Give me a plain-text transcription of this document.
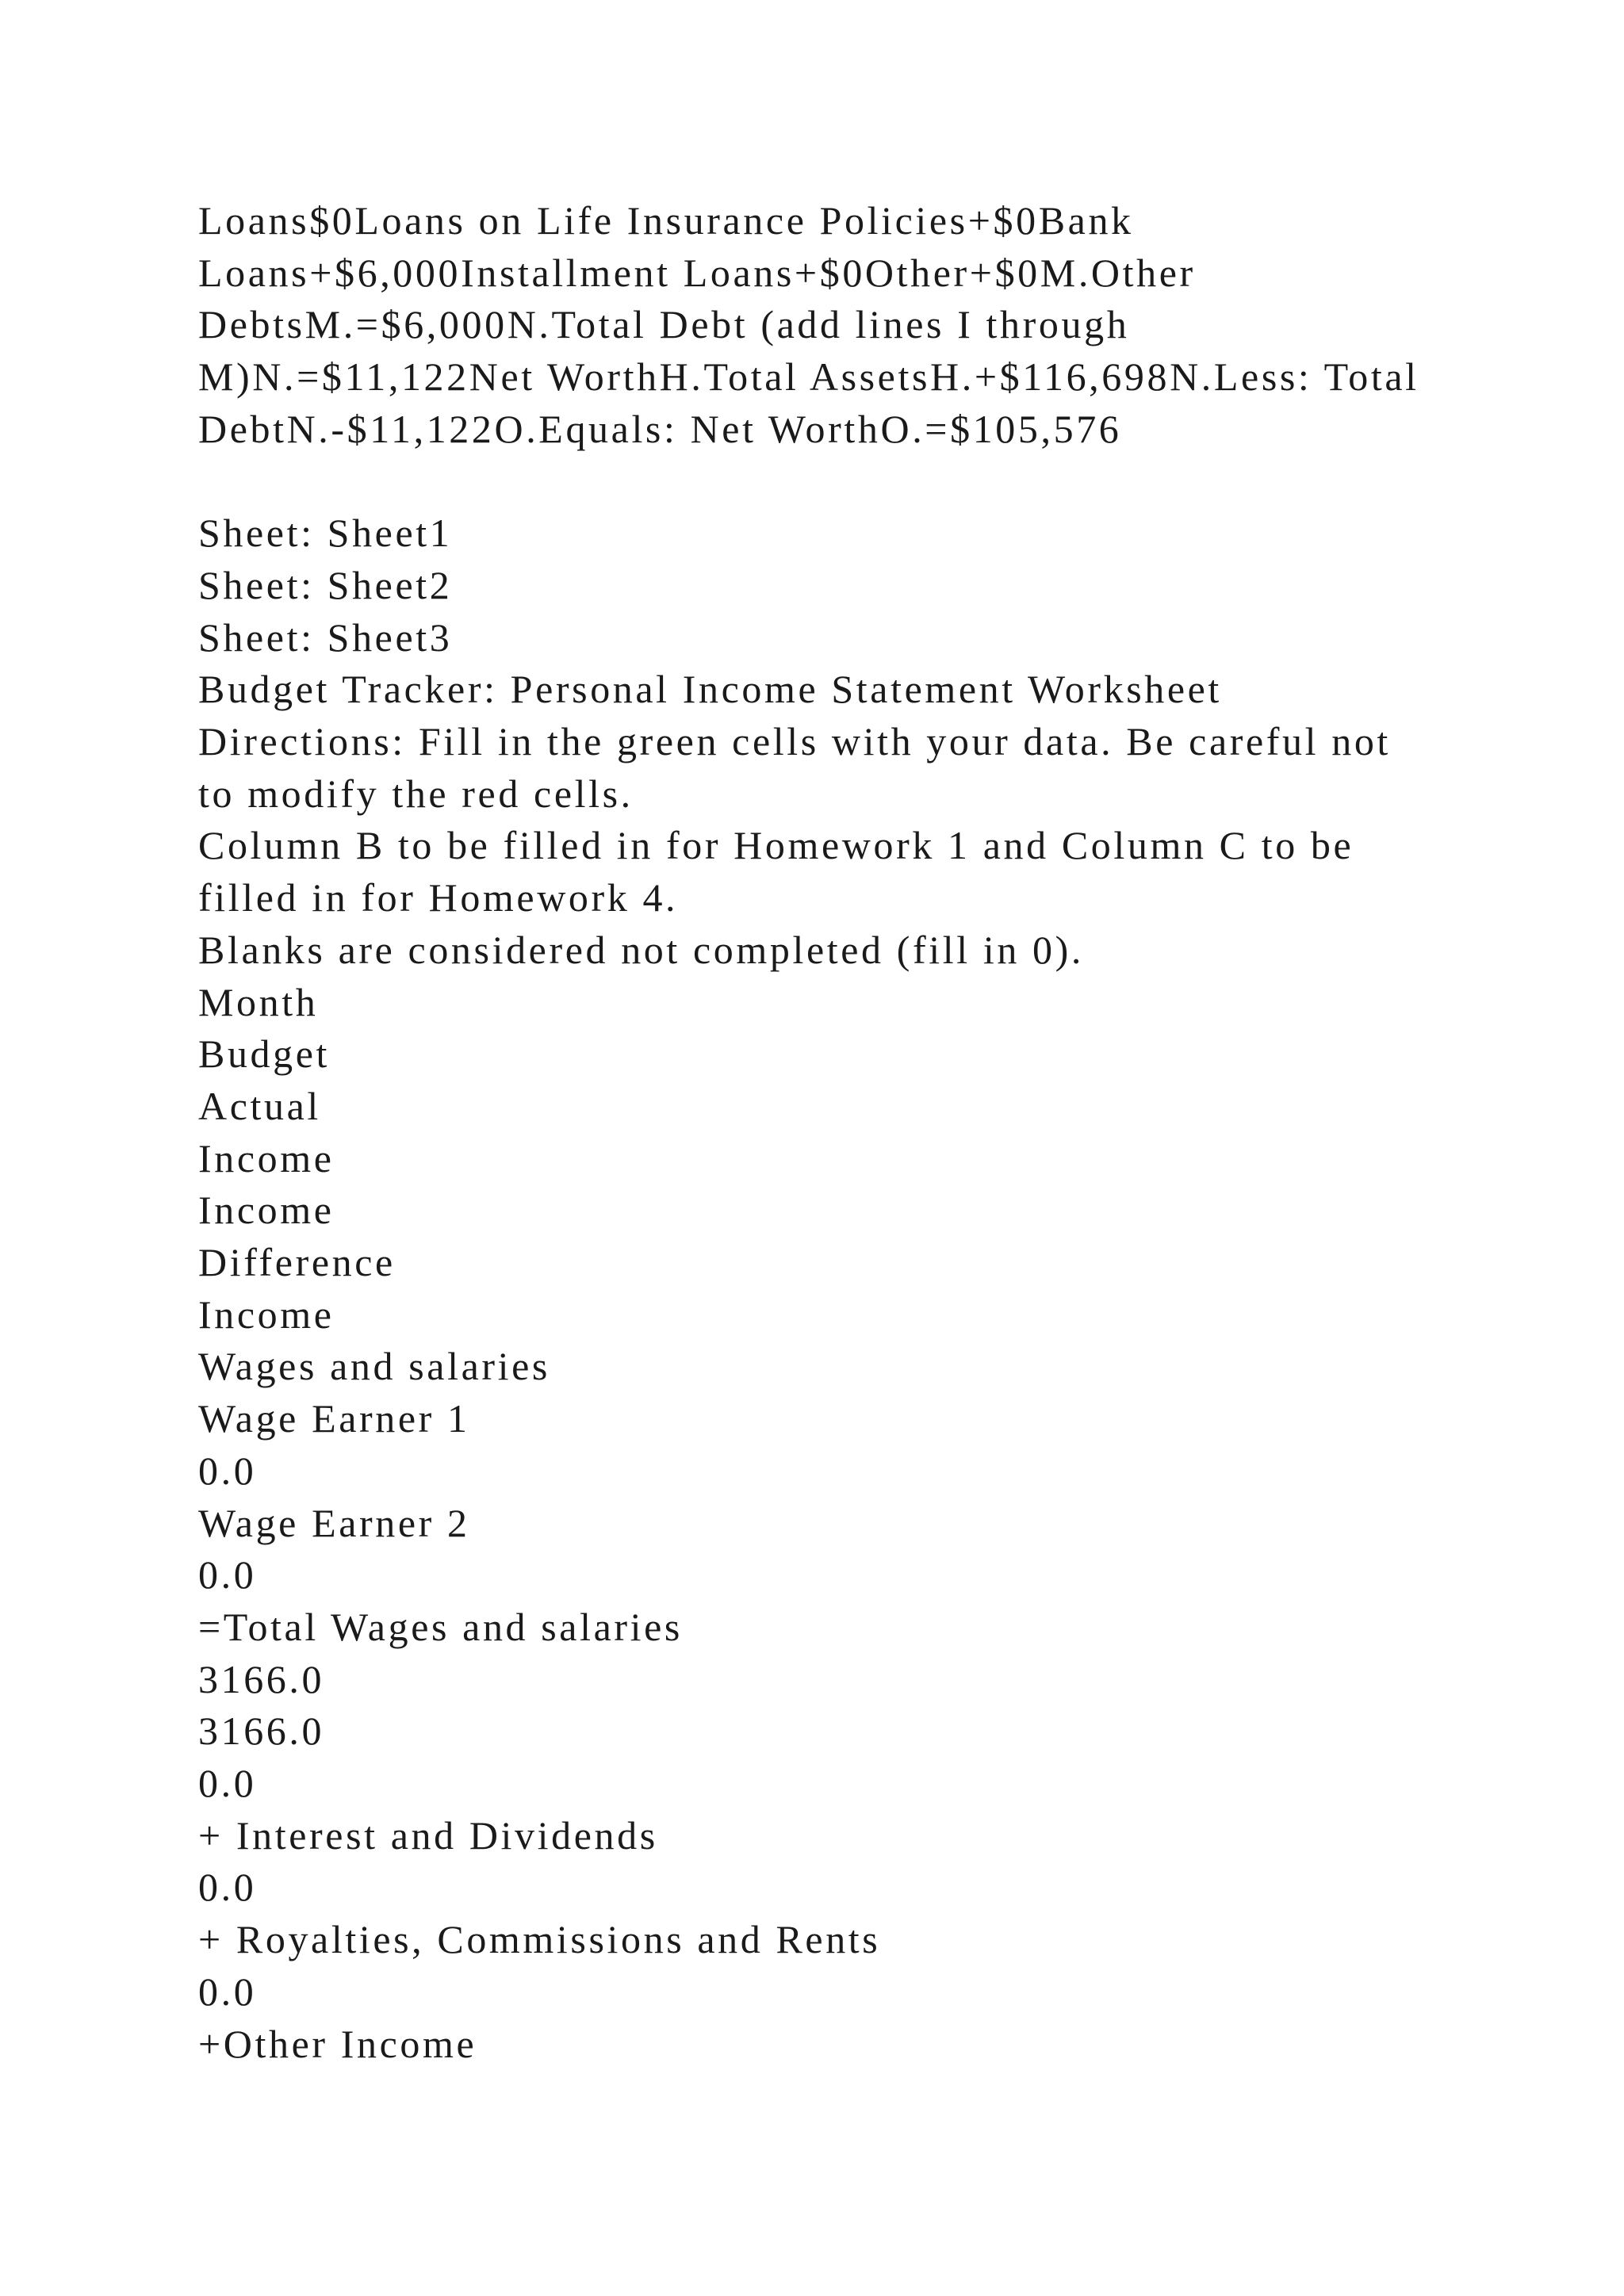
Loans$0Loans on Life Insurance Policies+$0Bank Loans+$6,000Installment Loans+$0Other+$0M.Other DebtsM.=$6,000N.Total Debt (add lines I through M)N.=$11,122Net WorthH.Total AssetsH.+$116,698N.Less: Total DebtN.-$11,122O.Equals: Net WorthO.=$105,576

Sheet: Sheet1

Sheet: Sheet2

Sheet: Sheet3

Budget Tracker: Personal Income Statement Worksheet

Directions: Fill in the green cells with your data. Be careful not to modify the red cells.

Column B to be filled in for Homework 1 and Column C to be filled in for Homework 4.

Blanks are considered not completed (fill in 0).

Month

Budget

Actual

Income

Income

Difference

Income

Wages and salaries

Wage Earner 1

0.0

Wage Earner 2

0.0

=Total Wages and salaries

3166.0

3166.0

0.0

+ Interest and Dividends

0.0

+ Royalties, Commissions and Rents

0.0

+Other Income
